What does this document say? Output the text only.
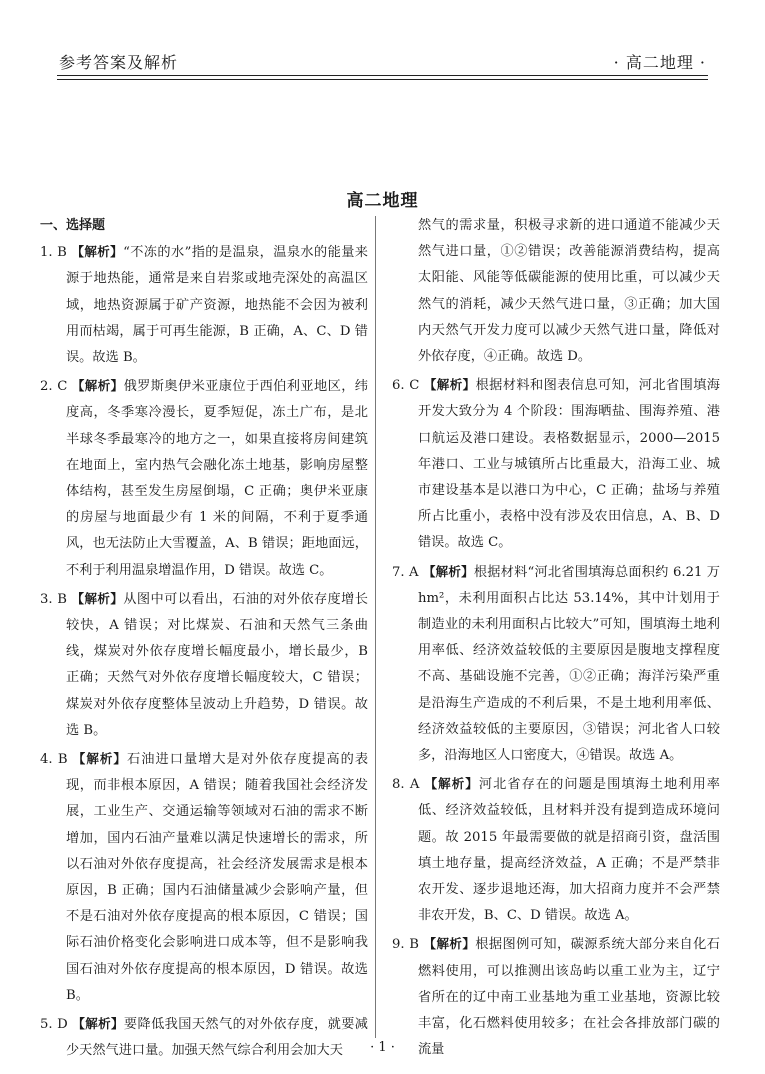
参考答案及解析	· 高二地理 ·
高二地理

一、选择题

1. B 【解析】“不冻的水”指的是温泉，温泉水的能量来源于地热能，通常是来自岩浆或地壳深处的高温区域，地热资源属于矿产资源，地热能不会因为被利用而枯竭，属于可再生能源，B 正确，A、C、D 错误。故选 B。

2. C 【解析】俄罗斯奥伊米亚康位于西伯利亚地区，纬度高，冬季寒冷漫长，夏季短促，冻土广布，是北半球冬季最寒冷的地方之一，如果直接将房间建筑在地面上，室内热气会融化冻土地基，影响房屋整体结构，甚至发生房屋倒塌，C 正确；奥伊米亚康的房屋与地面最少有 1 米的间隔，不利于夏季通风，也无法防止大雪覆盖，A、B 错误；距地面远，不利于利用温泉增温作用，D 错误。故选 C。

3. B 【解析】从图中可以看出，石油的对外依存度增长较快，A 错误；对比煤炭、石油和天然气三条曲线，煤炭对外依存度增长幅度最小，增长最少，B 正确；天然气对外依存度增长幅度较大，C 错误；煤炭对外依存度整体呈波动上升趋势，D 错误。故选 B。

4. B 【解析】石油进口量增大是对外依存度提高的表现，而非根本原因，A 错误；随着我国社会经济发展，工业生产、交通运输等领域对石油的需求不断增加，国内石油产量难以满足快速增长的需求，所以石油对外依存度提高，社会经济发展需求是根本原因，B 正确；国内石油储量减少会影响产量，但不是石油对外依存度提高的根本原因，C 错误；国际石油价格变化会影响进口成本等，但不是影响我国石油对外依存度提高的根本原因，D 错误。故选 B。

5. D 【解析】要降低我国天然气的对外依存度，就要减少天然气进口量。加强天然气综合利用会加大天

然气的需求量，积极寻求新的进口通道不能减少天然气进口量，①②错误；改善能源消费结构，提高太阳能、风能等低碳能源的使用比重，可以减少天然气的消耗，减少天然气进口量，③正确；加大国内天然气开发力度可以减少天然气进口量，降低对外依存度，④正确。故选 D。

6. C 【解析】根据材料和图表信息可知，河北省围填海开发大致分为 4 个阶段：围海晒盐、围海养殖、港口航运及港口建设。表格数据显示，2000—2015 年港口、工业与城镇所占比重最大，沿海工业、城市建设基本是以港口为中心，C 正确；盐场与养殖所占比重小，表格中没有涉及农田信息，A、B、D 错误。故选 C。

7. A 【解析】根据材料“河北省围填海总面积约 6.21 万 hm²，未利用面积占比达 53.14%，其中计划用于制造业的未利用面积占比较大”可知，围填海土地利用率低、经济效益较低的主要原因是腹地支撑程度不高、基础设施不完善，①②正确；海洋污染严重是沿海生产造成的不利后果，不是土地利用率低、经济效益较低的主要原因，③错误；河北省人口较多，沿海地区人口密度大，④错误。故选 A。

8. A 【解析】河北省存在的问题是围填海土地利用率低、经济效益较低，且材料并没有提到造成环境问题。故 2015 年最需要做的就是招商引资，盘活围填土地存量，提高经济效益，A 正确；不是严禁非农开发、逐步退地还海，加大招商力度并不会严禁非农开发，B、C、D 错误。故选 A。

9. B 【解析】根据图例可知，碳源系统大部分来自化石燃料使用，可以推测出该岛屿以重工业为主，辽宁省所在的辽中南工业基地为重工业基地，资源比较丰富，化石燃料使用较多；在社会各排放部门碳的流量

· 1 ·
